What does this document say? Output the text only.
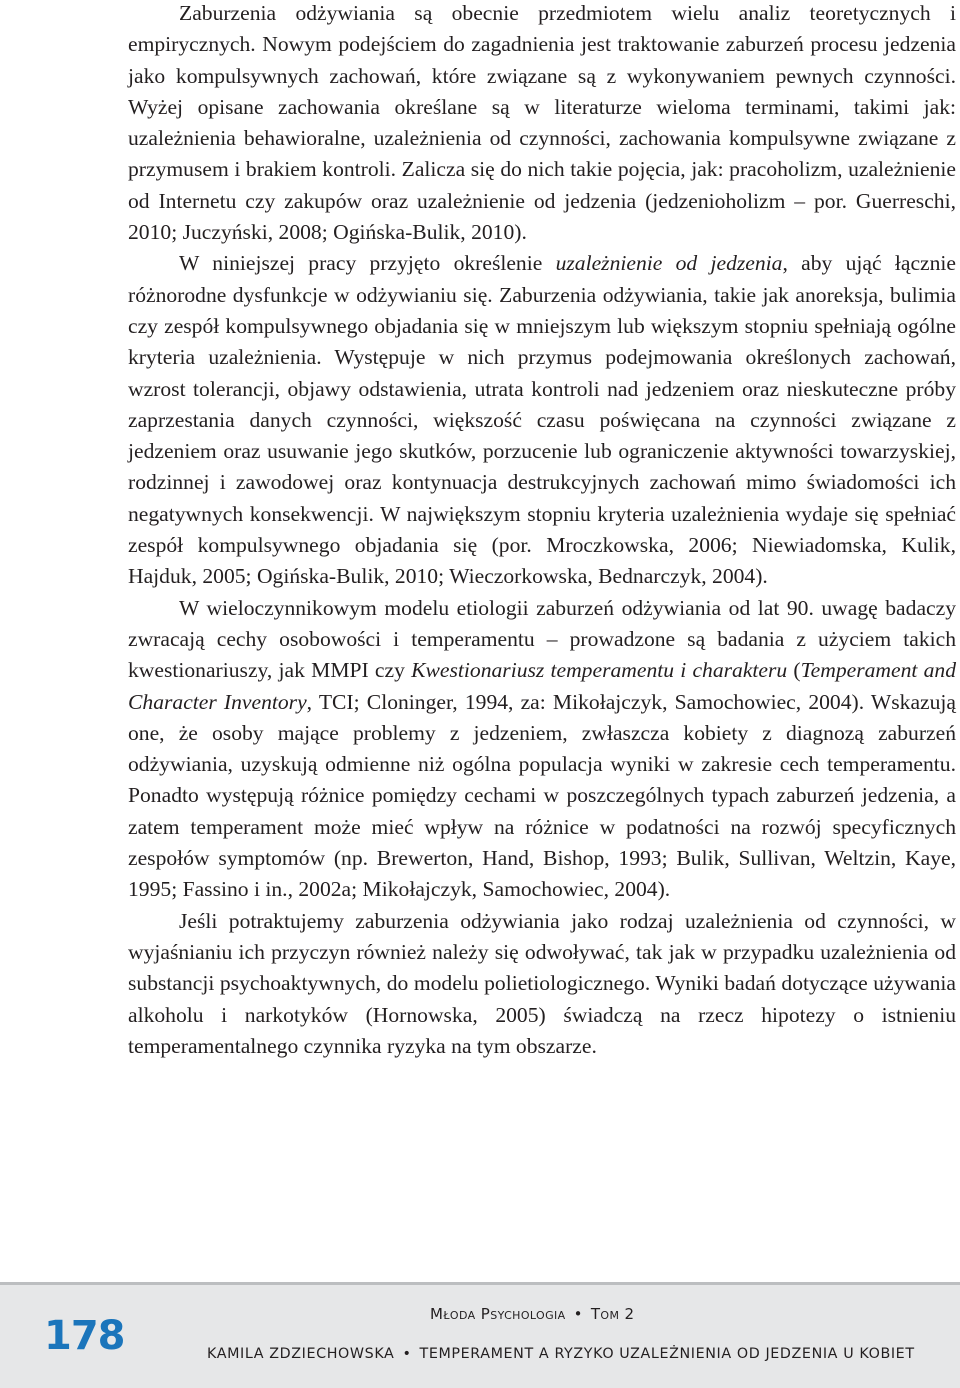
Zaburzenia odżywiania są obecnie przedmiotem wielu analiz teoretycznych i empirycznych. Nowym podejściem do zagadnienia jest traktowanie zaburzeń procesu jedzenia jako kompulsywnych zachowań, które związane są z wykonywaniem pewnych czynności. Wyżej opisane zachowania określane są w literaturze wieloma terminami, takimi jak: uzależnienia behawioralne, uzależnienia od czynności, zachowania kompulsywne związane z przymusem i brakiem kontroli. Zalicza się do nich takie pojęcia, jak: pracoholizm, uzależnienie od Internetu czy zakupów oraz uzależnienie od jedzenia (jedzenioholizm – por. Guerreschi, 2010; Juczyński, 2008; Ogińska-Bulik, 2010).

W niniejszej pracy przyjęto określenie uzależnienie od jedzenia, aby ująć łącznie różnorodne dysfunkcje w odżywianiu się. Zaburzenia odżywiania, takie jak anoreksja, bulimia czy zespół kompulsywnego objadania się w mniejszym lub większym stopniu spełniają ogólne kryteria uzależnienia. Występuje w nich przymus podejmowania określonych zachowań, wzrost tolerancji, objawy odstawienia, utrata kontroli nad jedzeniem oraz nieskuteczne próby zaprzestania danych czynności, większość czasu poświęcana na czynności związane z jedzeniem oraz usuwanie jego skutków, porzucenie lub ograniczenie aktywności towarzyskiej, rodzinnej i zawodowej oraz kontynuacja destrukcyjnych zachowań mimo świadomości ich negatywnych konsekwencji. W największym stopniu kryteria uzależnienia wydaje się spełniać zespół kompulsywnego objadania się (por. Mroczkowska, 2006; Niewiadomska, Kulik, Hajduk, 2005; Ogińska-Bulik, 2010; Wieczorkowska, Bednarczyk, 2004).

W wieloczynnikowym modelu etiologii zaburzeń odżywiania od lat 90. uwagę badaczy zwracają cechy osobowości i temperamentu – prowadzone są badania z użyciem takich kwestionariuszy, jak MMPI czy Kwestionariusz temperamentu i charakteru (Temperament and Character Inventory, TCI; Cloninger, 1994, za: Mikołajczyk, Samochowiec, 2004). Wskazują one, że osoby mające problemy z jedzeniem, zwłaszcza kobiety z diagnozą zaburzeń odżywiania, uzyskują odmienne niż ogólna populacja wyniki w zakresie cech temperamentu. Ponadto występują różnice pomiędzy cechami w poszczególnych typach zaburzeń jedzenia, a zatem temperament może mieć wpływ na różnice w podatności na rozwój specyficznych zespołów symptomów (np. Brewerton, Hand, Bishop, 1993; Bulik, Sullivan, Weltzin, Kaye, 1995; Fassino i in., 2002a; Mikołajczyk, Samochowiec, 2004).

Jeśli potraktujemy zaburzenia odżywiania jako rodzaj uzależnienia od czynności, w wyjaśnianiu ich przyczyn również należy się odwoływać, tak jak w przypadku uzależnienia od substancji psychoaktywnych, do modelu polietiologicznego. Wyniki badań dotyczące używania alkoholu i narkotyków (Hornowska, 2005) świadczą na rzecz hipotezy o istnieniu temperamentalnego czynnika ryzyka na tym obszarze.

178	Młoda Psychologia • Tom 2
KAMILA ZDZIECHOWSKA • TEMPERAMENT A RYZYKO UZALEŻNIENIA OD JEDZENIA U KOBIET
